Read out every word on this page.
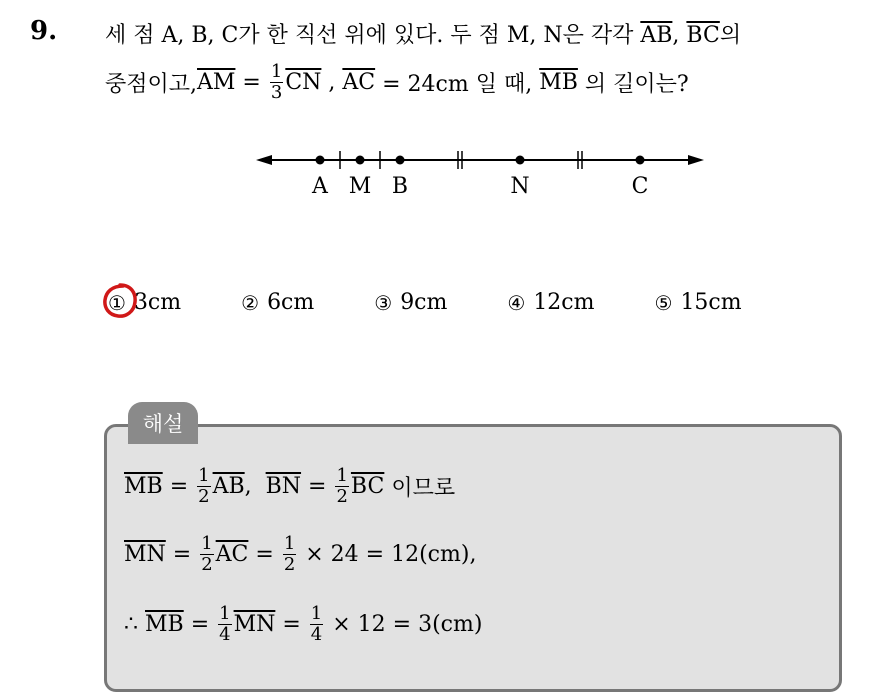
9. 세 점 A, B, C가 한 직선 위에 있다. 두 점 M, N은 각각 $\overline{AB}$, $\overline{BC}$의
중점이고, $\overline{AM} = \frac{1}{3} \overline{CN}$ , $\overline{AC} = 24cm$ 일 때, $\overline{MB}$ 의 길이는?
A M B	N	C
① 3cm	② 6cm	③ 9cm	④ 12cm	⑤ 15cm
해설
$\overline{MB} = \frac{1}{2} \overline{AB}$ , $\overline{BN} = \frac{1}{2} \overline{BC}$ 이므로
$\overline{MN} = \frac{1}{2} \overline{AC} = \frac{1}{2} \times 24 = 12(cm)$,
∴ $\overline{MB} = \frac{1}{4} \overline{MN} = \frac{1}{4} \times 12 = 3(cm)$
